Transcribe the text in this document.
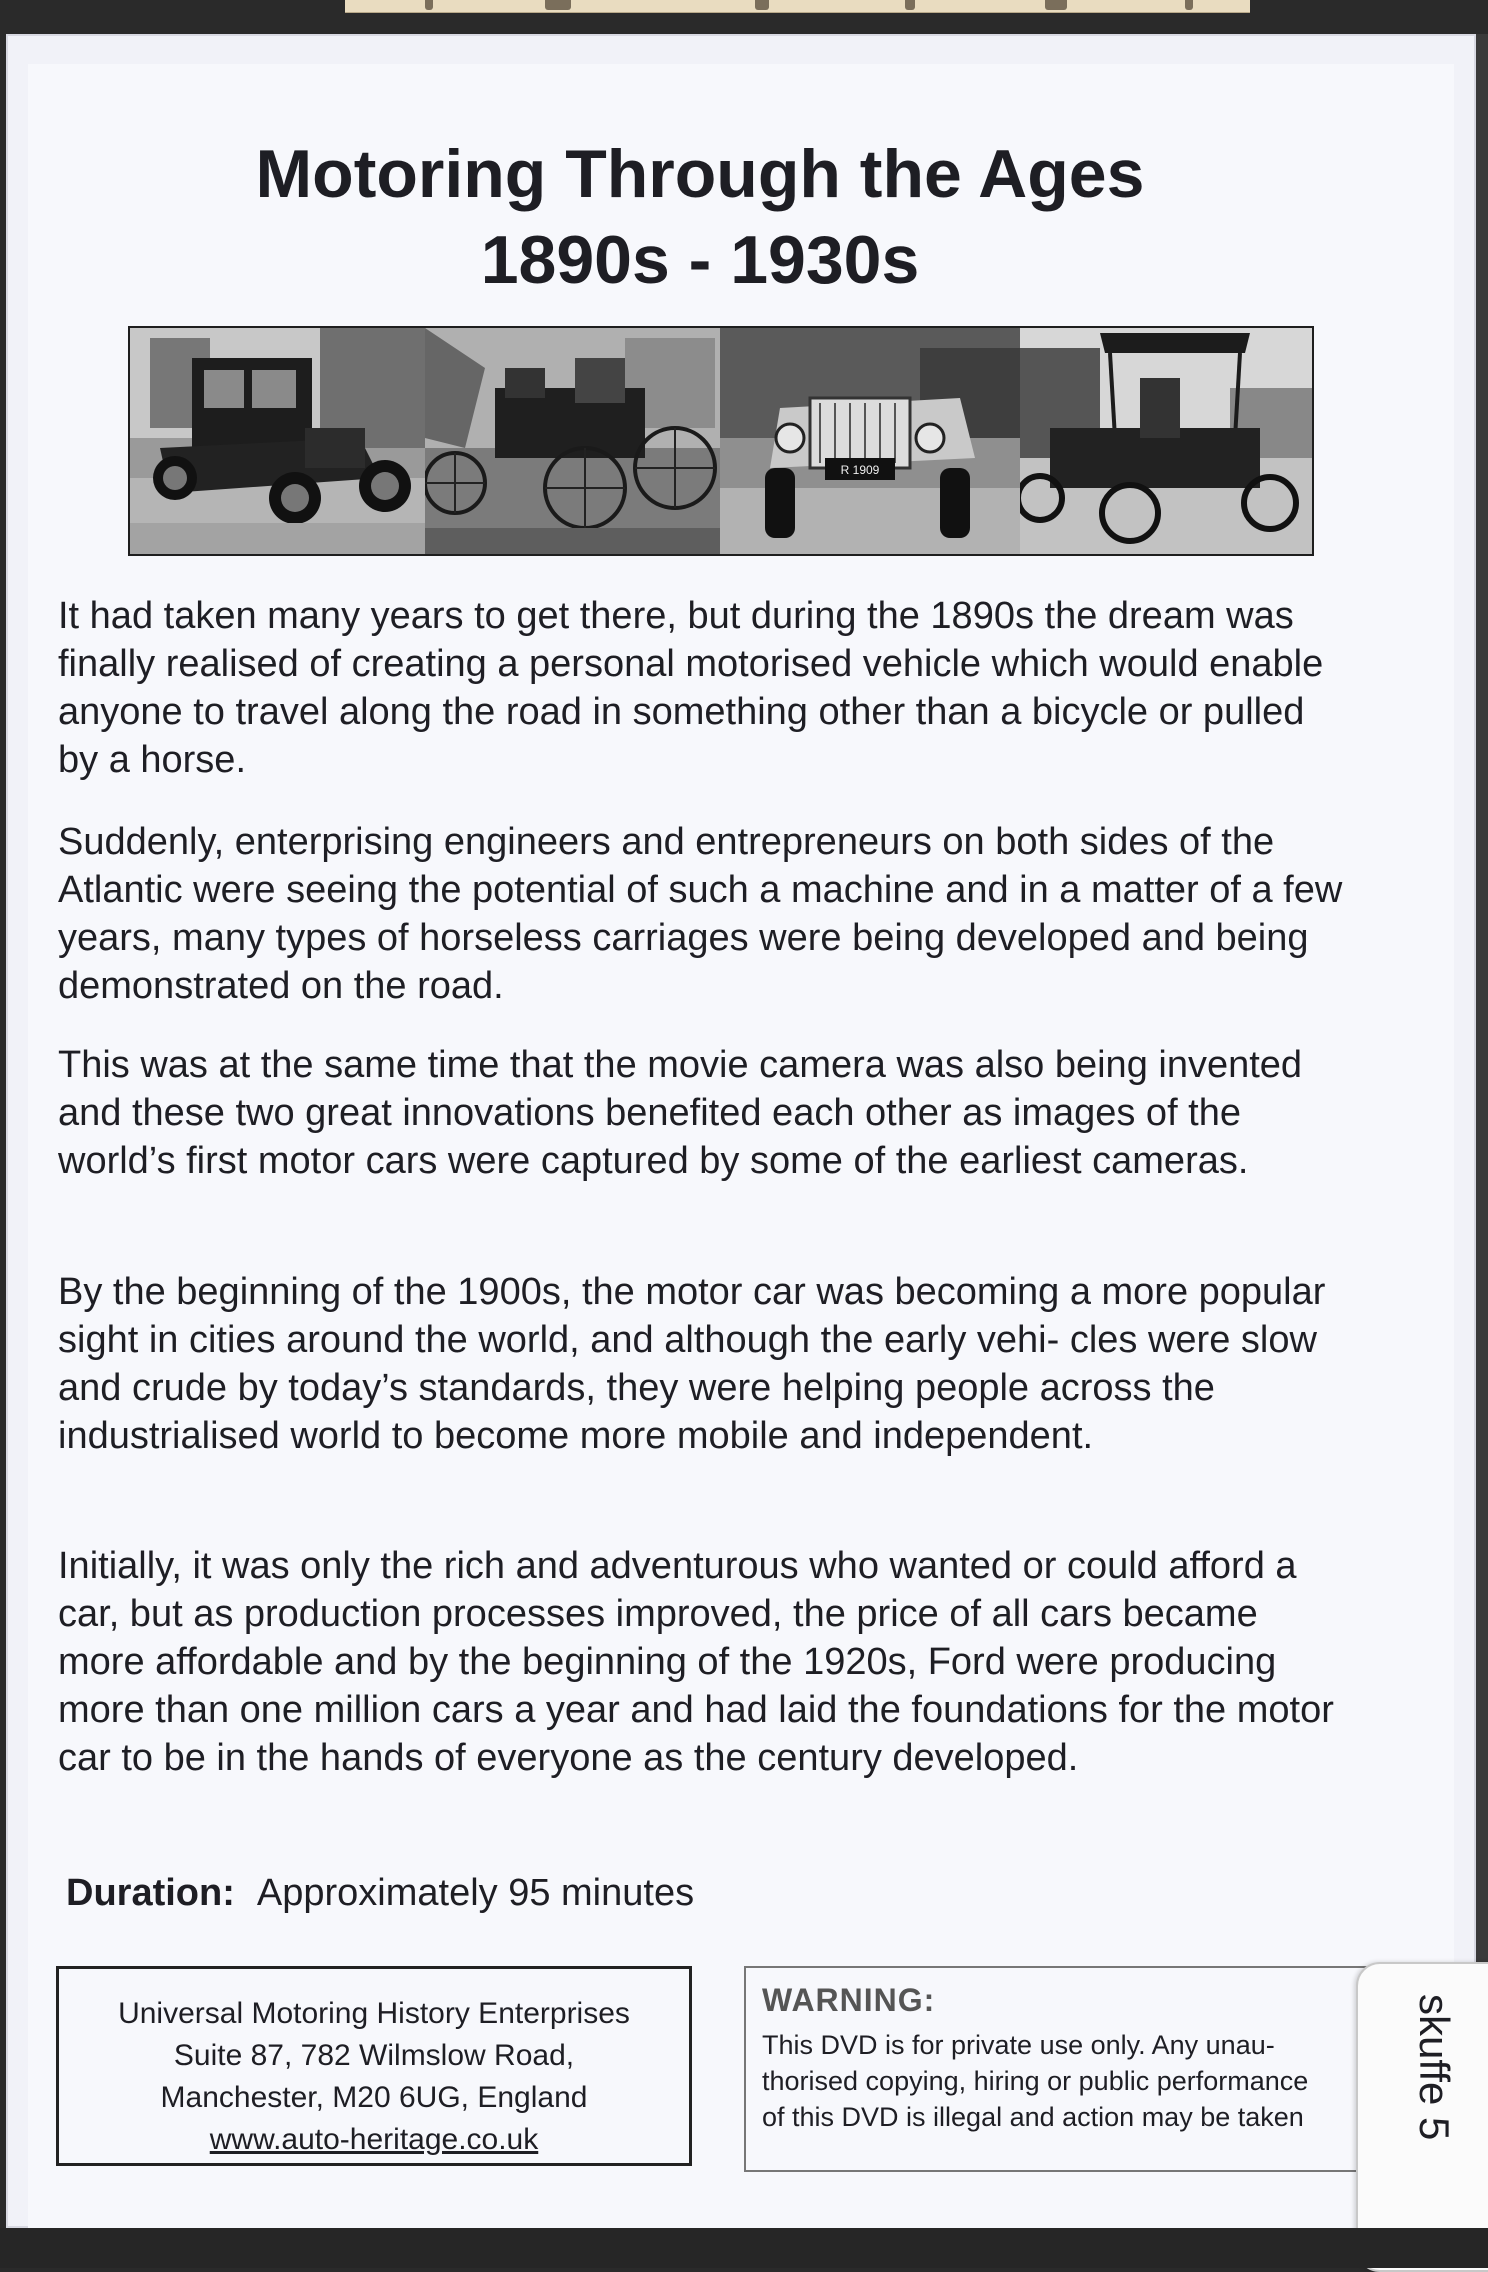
Motoring Through the Ages
1890s - 1930s
R 1909

It had taken many years to get there, but during the 1890s the dream was finally realised of creating a personal motorised vehicle which would enable anyone to travel along the road in something other than a bicycle or pulled by a horse.

Suddenly, enterprising engineers and entrepreneurs on both sides of the Atlantic were seeing the potential of such a machine and in a matter of a few years, many types of horseless carriages were being developed and being demonstrated on the road.

This was at the same time that the movie camera was also being invented and these two great innovations benefited each other as images of the world’s first motor cars were captured by some of the earliest cameras.

By the beginning of the 1900s, the motor car was becoming a more popular sight in cities around the world, and although the early vehi- cles were slow and crude by today’s standards, they were helping people across the industrialised world to become more mobile and independent.

Initially, it was only the rich and adventurous who wanted or could afford a car, but as production processes improved, the price of all cars became more affordable and by the beginning of the 1920s, Ford were producing more than one million cars a year and had laid the foundations for the motor car to be in the hands of everyone as the century developed.

Duration: Approximately 95 minutes
Universal Motoring History Enterprises
Suite 87, 782 Wilmslow Road,
Manchester, M20 6UG, England
www.auto-heritage.co.uk
WARNING:
This DVD is for private use only. Any unau-
thorised copying, hiring or public performance
of this DVD is illegal and action may be taken	skuffe 5
